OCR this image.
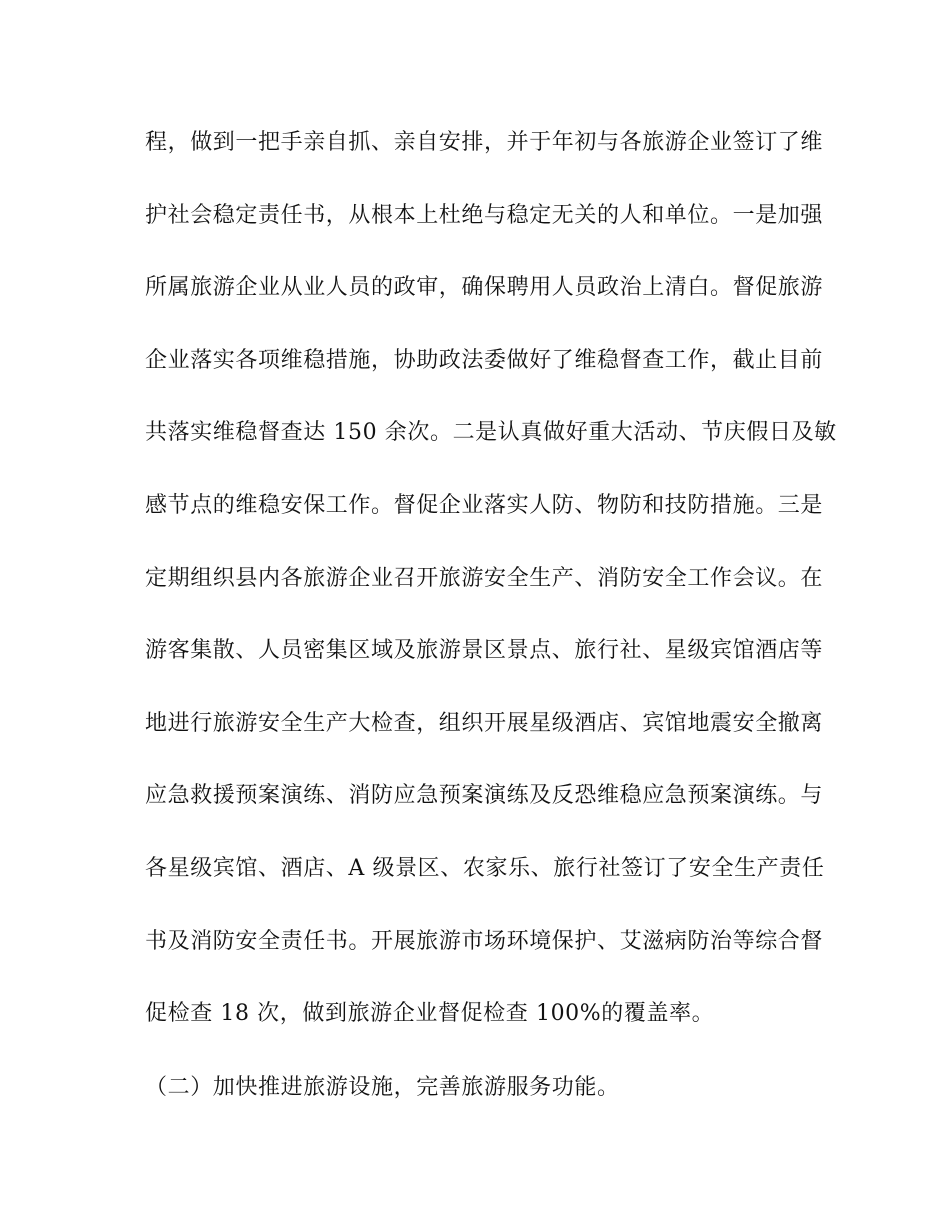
程，做到一把手亲自抓、亲自安排，并于年初与各旅游企业签订了维
护社会稳定责任书，从根本上杜绝与稳定无关的人和单位。一是加强
所属旅游企业从业人员的政审，确保聘用人员政治上清白。督促旅游
企业落实各项维稳措施，协助政法委做好了维稳督查工作，截止目前
共落实维稳督查达 150 余次。二是认真做好重大活动、节庆假日及敏
感节点的维稳安保工作。督促企业落实人防、物防和技防措施。三是
定期组织县内各旅游企业召开旅游安全生产、消防安全工作会议。在
游客集散、人员密集区域及旅游景区景点、旅行社、星级宾馆酒店等
地进行旅游安全生产大检查，组织开展星级酒店、宾馆地震安全撤离
应急救援预案演练、消防应急预案演练及反恐维稳应急预案演练。与
各星级宾馆、酒店、A 级景区、农家乐、旅行社签订了安全生产责任
书及消防安全责任书。开展旅游市场环境保护、艾滋病防治等综合督
促检查 18 次，做到旅游企业督促检查 100%的覆盖率。
（二）加快推进旅游设施，完善旅游服务功能。
